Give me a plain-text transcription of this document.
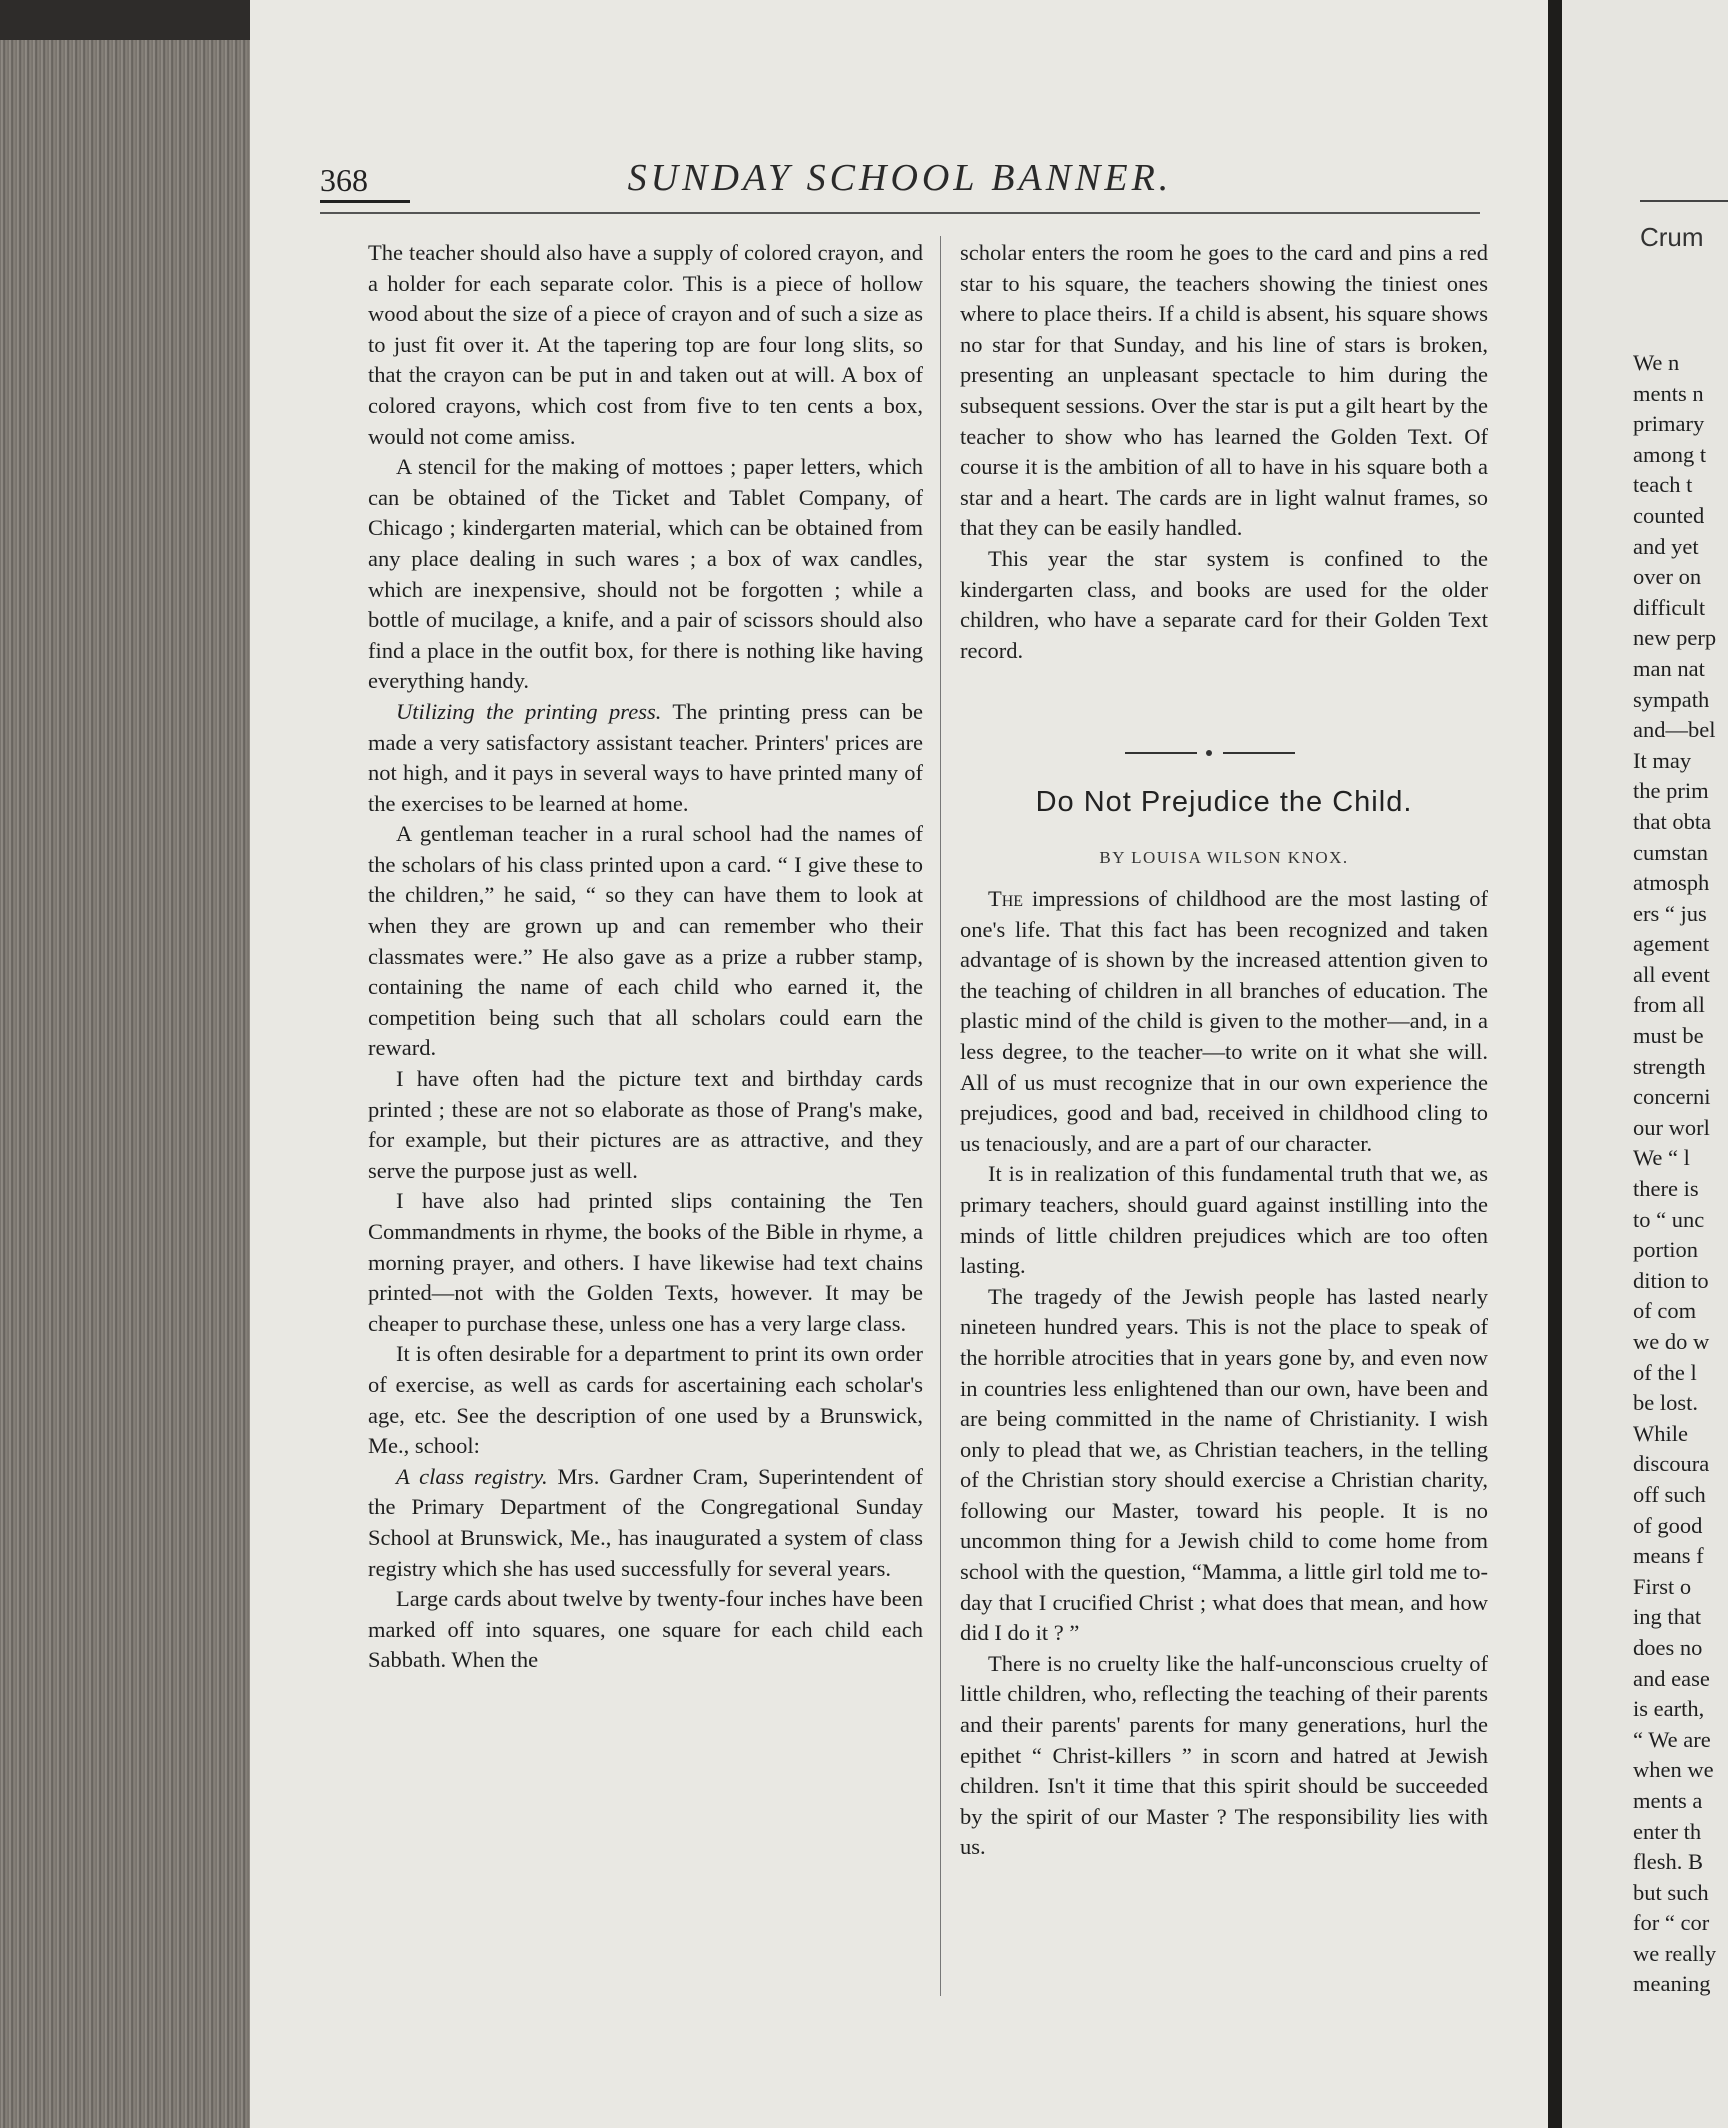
368	SUNDAY SCHOOL BANNER.

The teacher should also have a supply of colored crayon, and a holder for each separate color. This is a piece of hollow wood about the size of a piece of crayon and of such a size as to just fit over it. At the tapering top are four long slits, so that the crayon can be put in and taken out at will. A box of colored crayons, which cost from five to ten cents a box, would not come amiss.

A stencil for the making of mottoes ; paper letters, which can be obtained of the Ticket and Tablet Company, of Chicago ; kindergarten material, which can be obtained from any place dealing in such wares ; a box of wax candles, which are inexpensive, should not be forgotten ; while a bottle of mucilage, a knife, and a pair of scissors should also find a place in the outfit box, for there is nothing like having everything handy.

Utilizing the printing press. The printing press can be made a very satisfactory assistant teacher. Printers' prices are not high, and it pays in several ways to have printed many of the exercises to be learned at home.

A gentleman teacher in a rural school had the names of the scholars of his class printed upon a card. “ I give these to the children,” he said, “ so they can have them to look at when they are grown up and can remember who their classmates were.” He also gave as a prize a rubber stamp, containing the name of each child who earned it, the competition being such that all scholars could earn the reward.

I have often had the picture text and birthday cards printed ; these are not so elaborate as those of Prang's make, for example, but their pictures are as attractive, and they serve the purpose just as well.

I have also had printed slips containing the Ten Commandments in rhyme, the books of the Bible in rhyme, a morning prayer, and others. I have likewise had text chains printed—not with the Golden Texts, however. It may be cheaper to purchase these, unless one has a very large class.

It is often desirable for a department to print its own order of exercise, as well as cards for ascertaining each scholar's age, etc. See the description of one used by a Brunswick, Me., school:

A class registry. Mrs. Gardner Cram, Superintendent of the Primary Department of the Congregational Sunday School at Brunswick, Me., has inaugurated a system of class registry which she has used successfully for several years.

Large cards about twelve by twenty-four inches have been marked off into squares, one square for each child each Sabbath. When the

scholar enters the room he goes to the card and pins a red star to his square, the teachers showing the tiniest ones where to place theirs. If a child is absent, his square shows no star for that Sunday, and his line of stars is broken, presenting an unpleasant spectacle to him during the subsequent sessions. Over the star is put a gilt heart by the teacher to show who has learned the Golden Text. Of course it is the ambition of all to have in his square both a star and a heart. The cards are in light walnut frames, so that they can be easily handled.

This year the star system is confined to the kindergarten class, and books are used for the older children, who have a separate card for their Golden Text record.

Do Not Prejudice the Child.
BY LOUISA WILSON KNOX.

The impressions of childhood are the most lasting of one's life. That this fact has been recognized and taken advantage of is shown by the increased attention given to the teaching of children in all branches of education. The plastic mind of the child is given to the mother—and, in a less degree, to the teacher—to write on it what she will. All of us must recognize that in our own experience the prejudices, good and bad, received in childhood cling to us tenaciously, and are a part of our character.

It is in realization of this fundamental truth that we, as primary teachers, should guard against instilling into the minds of little children prejudices which are too often lasting.

The tragedy of the Jewish people has lasted nearly nineteen hundred years. This is not the place to speak of the horrible atrocities that in years gone by, and even now in countries less enlightened than our own, have been and are being committed in the name of Christianity. I wish only to plead that we, as Christian teachers, in the telling of the Christian story should exercise a Christian charity, following our Master, toward his people. It is no uncommon thing for a Jewish child to come home from school with the question, “Mamma, a little girl told me to-day that I crucified Christ ; what does that mean, and how did I do it ? ”

There is no cruelty like the half-unconscious cruelty of little children, who, reflecting the teaching of their parents and their parents' parents for many generations, hurl the epithet “ Christ-killers ” in scorn and hatred at Jewish children. Isn't it time that this spirit should be succeeded by the spirit of our Master ? The responsibility lies with us.

Crum
We n
ments n
primary
among t
teach t
counted
and yet
over on
difficult
new perp
man nat
sympath
and—bel
It may
the prim
that obta
cumstan
atmosph
ers “ jus
agement
all event
from all
must be
strength
concerni
our worl
We “ l
there is
to “ unc
portion
dition to
of com
we do w
of the l
be lost.
While
discoura
off such
of good
means f
First o
ing that
does no
and ease
is earth,
“ We are
when we
ments a
enter th
flesh. B
but such
for “ cor
we really
meaning
